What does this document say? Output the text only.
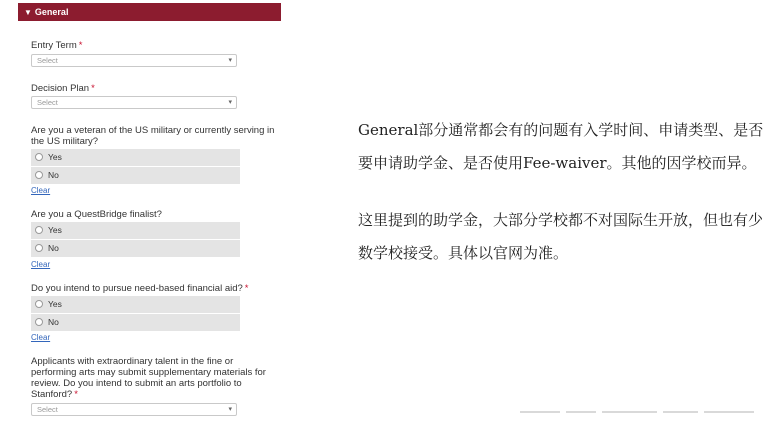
▼ General
Entry Term *
Select	▾
Decision Plan *
Select	▾
Are you a veteran of the US military or currently serving in the US military?
Yes
No
Clear
Are you a QuestBridge finalist?
Yes
No
Clear
Do you intend to pursue need-based financial aid? *
Yes
No
Clear
Applicants with extraordinary talent in the fine or performing arts may submit supplementary materials for review. Do you intend to submit an arts portfolio to Stanford? *
Select	▾
General部分通常都会有的问题有入学时间、申请类型、是否要申请助学金、是否使用Fee-waiver。其他的因学校而异。
这里提到的助学金，大部分学校都不对国际生开放，但也有少数学校接受。具体以官网为准。
